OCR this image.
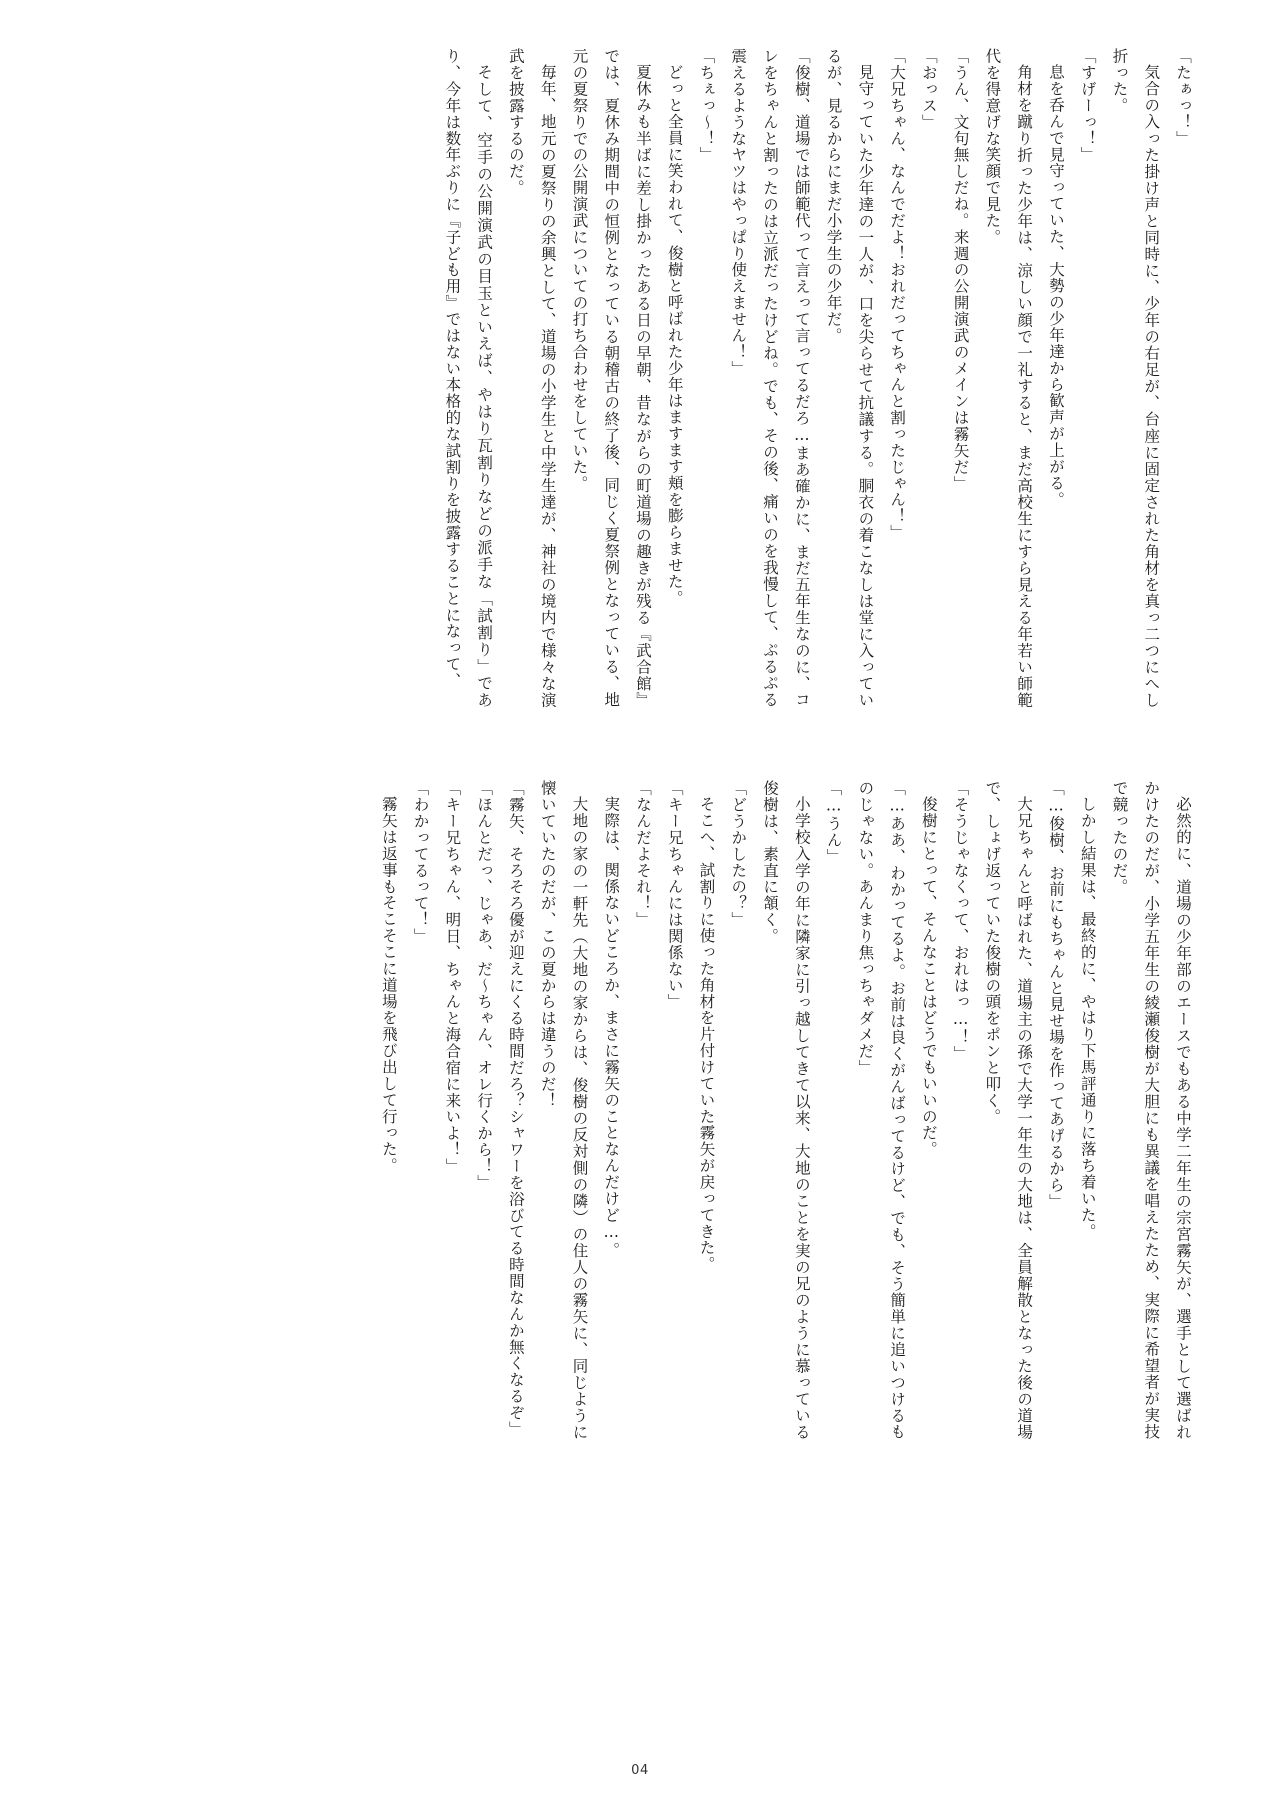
「たぁっ！」

気合の入った掛け声と同時に、少年の右足が、台座に固定された角材を真っ二つにへし折った。

「すげーっ！」

息を呑んで見守っていた、大勢の少年達から歓声が上がる。

角材を蹴り折った少年は、涼しい顔で一礼すると、まだ高校生にすら見える年若い師範代を得意げな笑顔で見た。

「うん、文句無しだね。来週の公開演武のメインは霧矢だ」

「おっス」

「大兄ちゃん、なんでだよ！おれだってちゃんと割ったじゃん！」

見守っていた少年達の一人が、口を尖らせて抗議する。胴衣の着こなしは堂に入っているが、見るからにまだ小学生の少年だ。

「俊樹、道場では師範代って言えって言ってるだろ…まあ確かに、まだ五年生なのに、コレをちゃんと割ったのは立派だったけどね。でも、その後、痛いのを我慢して、ぷるぷる震えるようなヤツはやっぱり使えません！」

「ちぇっ～！」

どっと全員に笑われて、俊樹と呼ばれた少年はますます頬を膨らませた。

夏休みも半ばに差し掛かったある日の早朝、昔ながらの町道場の趣きが残る『武合館』では、夏休み期間中の恒例となっている朝稽古の終了後、同じく夏祭例となっている、地元の夏祭りでの公開演武についての打ち合わせをしていた。

毎年、地元の夏祭りの余興として、道場の小学生と中学生達が、神社の境内で様々な演武を披露するのだ。

そして、空手の公開演武の目玉といえば、やはり瓦割りなどの派手な「試割り」であり、今年は数年ぶりに『子ども用』ではない本格的な試割りを披露することになって、

必然的に、道場の少年部のエースでもある中学二年生の宗宮霧矢が、選手として選ばれかけたのだが、小学五年生の綾瀬俊樹が大胆にも異議を唱えたため、実際に希望者が実技で競ったのだ。

しかし結果は、最終的に、やはり下馬評通りに落ち着いた。

「…俊樹、お前にもちゃんと見せ場を作ってあげるから」

大兄ちゃんと呼ばれた、道場主の孫で大学一年生の大地は、全員解散となった後の道場で、しょげ返っていた俊樹の頭をポンと叩く。

「そうじゃなくって、おれはっ…！」

俊樹にとって、そんなことはどうでもいいのだ。

「…ああ、わかってるよ。お前は良くがんばってるけど、でも、そう簡単に追いつけるものじゃない。あんまり焦っちゃダメだ」

「…うん」

小学校入学の年に隣家に引っ越してきて以来、大地のことを実の兄のように慕っている俊樹は、素直に頷く。

「どうかしたの？」

そこへ、試割りに使った角材を片付けていた霧矢が戻ってきた。

「キー兄ちゃんには関係ない」

「なんだよそれ！」

実際は、関係ないどころか、まさに霧矢のことなんだけど…。

大地の家の一軒先（大地の家からは、俊樹の反対側の隣）の住人の霧矢に、同じように懐いていたのだが、この夏からは違うのだ！

「霧矢、そろそろ優が迎えにくる時間だろ？シャワーを浴びてる時間なんか無くなるぞ」

「ほんとだっ、じゃあ、だ～ちゃん、オレ行くから！」

「キー兄ちゃん、明日、ちゃんと海合宿に来いよ！」

「わかってるって！」

霧矢は返事もそこそこに道場を飛び出して行った。

04
